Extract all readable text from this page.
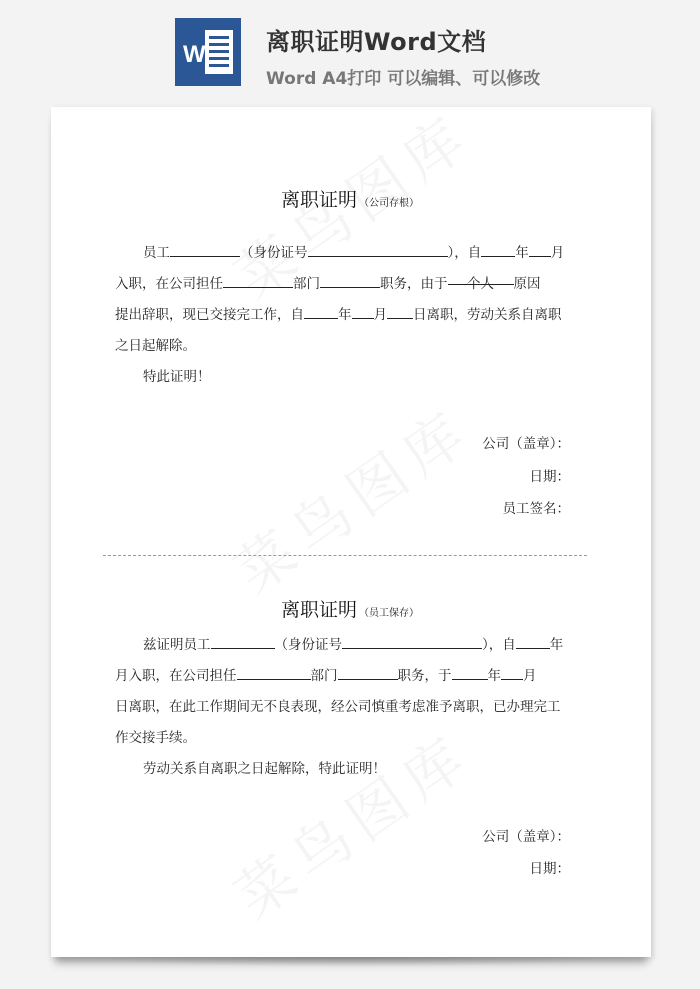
W	离职证明Word文档
Word A4打印 可以编辑、可以修改
离职证明 （公司存根）
员工	（身份证号	），自	年 月
入职，在公司担任	部门	职务，由于 个人 原因
提出辞职，现已交接完工作，自	年 月 日离职，劳动关系自离职
之日起解除。
特此证明！
公司（盖章）：
日期：
员工签名：
离职证明 （员工保存）
兹证明员工	（身份证号	），自	年
月入职，在公司担任	部门	职务，于	年 月
日离职，在此工作期间无不良表现，经公司慎重考虑准予离职，已办理完工
作交接手续。
劳动关系自离职之日起解除，特此证明！
公司（盖章）：
日期：
